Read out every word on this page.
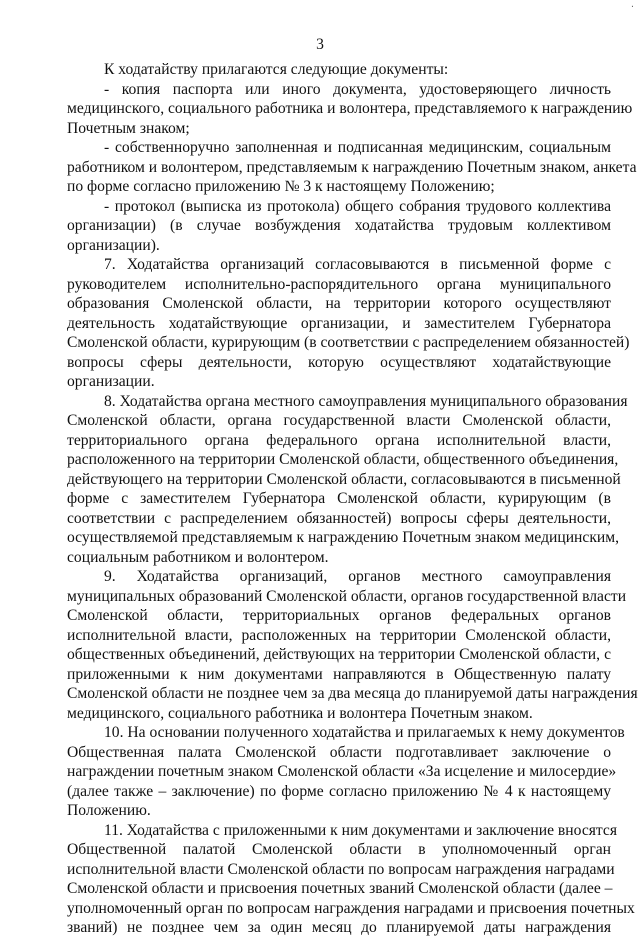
·
3
К ходатайству прилагаются следующие документы:
- копия паспорта или иного документа, удостоверяющего личность
медицинского, социального работника и волонтера, представляемого к награждению
Почетным знаком;
- собственноручно заполненная и подписанная медицинским, социальным
работником и волонтером, представляемым к награждению Почетным знаком, анкета
по форме согласно приложению № 3 к настоящему Положению;
- протокол (выписка из протокола) общего собрания трудового коллектива
организации) (в случае возбуждения ходатайства трудовым коллективом
организации).
7. Ходатайства организаций согласовываются в письменной форме с
руководителем исполнительно-распорядительного органа муниципального
образования Смоленской области, на территории которого осуществляют
деятельность ходатайствующие организации, и заместителем Губернатора
Смоленской области, курирующим (в соответствии с распределением обязанностей)
вопросы сферы деятельности, которую осуществляют ходатайствующие
организации.
8. Ходатайства органа местного самоуправления муниципального образования
Смоленской области, органа государственной власти Смоленской области,
территориального органа федерального органа исполнительной власти,
расположенного на территории Смоленской области, общественного объединения,
действующего на территории Смоленской области, согласовываются в письменной
форме с заместителем Губернатора Смоленской области, курирующим (в
соответствии с распределением обязанностей) вопросы сферы деятельности,
осуществляемой представляемым к награждению Почетным знаком медицинским,
социальным работником и волонтером.
9. Ходатайства организаций, органов местного самоуправления
муниципальных образований Смоленской области, органов государственной власти
Смоленской области, территориальных органов федеральных органов
исполнительной власти, расположенных на территории Смоленской области,
общественных объединений, действующих на территории Смоленской области, с
приложенными к ним документами направляются в Общественную палату
Смоленской области не позднее чем за два месяца до планируемой даты награждения
медицинского, социального работника и волонтера Почетным знаком.
10. На основании полученного ходатайства и прилагаемых к нему документов
Общественная палата Смоленской области подготавливает заключение о
награждении почетным знаком Смоленской области «За исцеление и милосердие»
(далее также – заключение) по форме согласно приложению № 4 к настоящему
Положению.
11. Ходатайства с приложенными к ним документами и заключение вносятся
Общественной палатой Смоленской области в уполномоченный орган
исполнительной власти Смоленской области по вопросам награждения наградами
Смоленской области и присвоения почетных званий Смоленской области (далее –
уполномоченный орган по вопросам награждения наградами и присвоения почетных
званий) не позднее чем за один месяц до планируемой даты награждения
